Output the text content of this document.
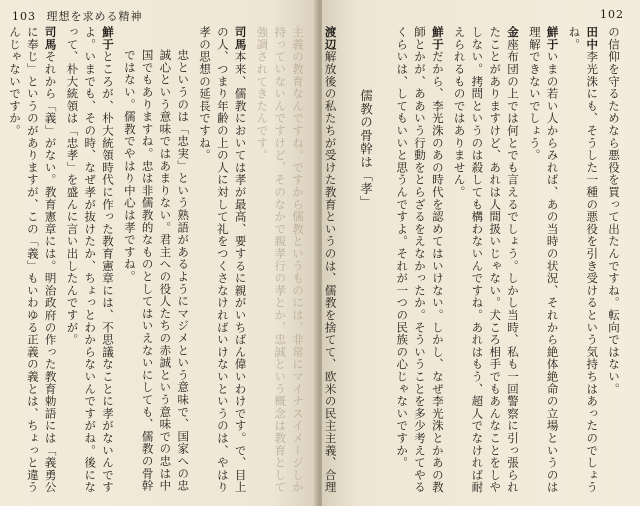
103 理想を求める精神

主義の教育なんですね。ですから儒教というものには、非常にマイナスイメージしか持っていないんですけど、そのなかで親孝行の孝とか、忠誠という概念は教育として強調されてきたんです。

司馬本来、儒教においては孝が最高、要するに親がいちばん偉いわけです。で、目上の人、つまり年齢の上の人に対して礼をつくさなければいけないというのは、やはり孝の思想の延長ですね。

忠というのは「忠実」という熟語があるようにマジメという意味で、国家への忠誠心という意味ではあまりない。君主への役人たちの赤誠という意味での忠は中国でもありますね。忠は非儒教的なものとしてはいえないにしても、儒教の骨幹ではない。儒教でやはり中心は孝ですね。

鮮于ところが、朴大統領時代に作った教育憲章には、不思議なことに孝がないんですよ。いまでも、その時、なぜ孝が抜けたか、ちょっとわからないんですがね。後になって、朴大統領は「忠孝」を盛んに言い出したんですが。

司馬それから「義」がない。教育憲章には。明治政府の作った教育勅語には「義勇公に奉じ」というのがありますが、この「義」もいわゆる正義の義とは、ちょっと違うんじゃないですか。

102

の信仰を守るためなら悪役を買って出たんですね。転向ではない。

田中李光洙にも、そうした一種の悪役を引き受けるという気持ちはあったのでしょうね。

鮮于いまの若い人からみれば、あの当時の状況、それから絶体絶命の立場というのは理解できないでしょう。

金座布団の上では何とでも言えるでしょう。しかし当時、私も一回警察に引っ張られたことがありますけど、あれは人間扱いじゃない。犬ころ相手でもあんなことをしやしない。拷問というのは殺しても構わないんですね。あれはもう、超人でなければ耐えられるものではありません。

鮮于だから、李光洙のあの時代を認めてはいけない。しかし、なぜ李光洙とかあの教師とかが、ああいう行動をとらざるをえなかったか。そういうことを多少考えてやるくらいは、してもいいと思うんですよ。それが一つの民族の心じゃないですか。

儒教の骨幹は「孝」

渡辺解放後の私たちが受けた教育というのは、儒教を捨てて、欧米の民主主義、合理
